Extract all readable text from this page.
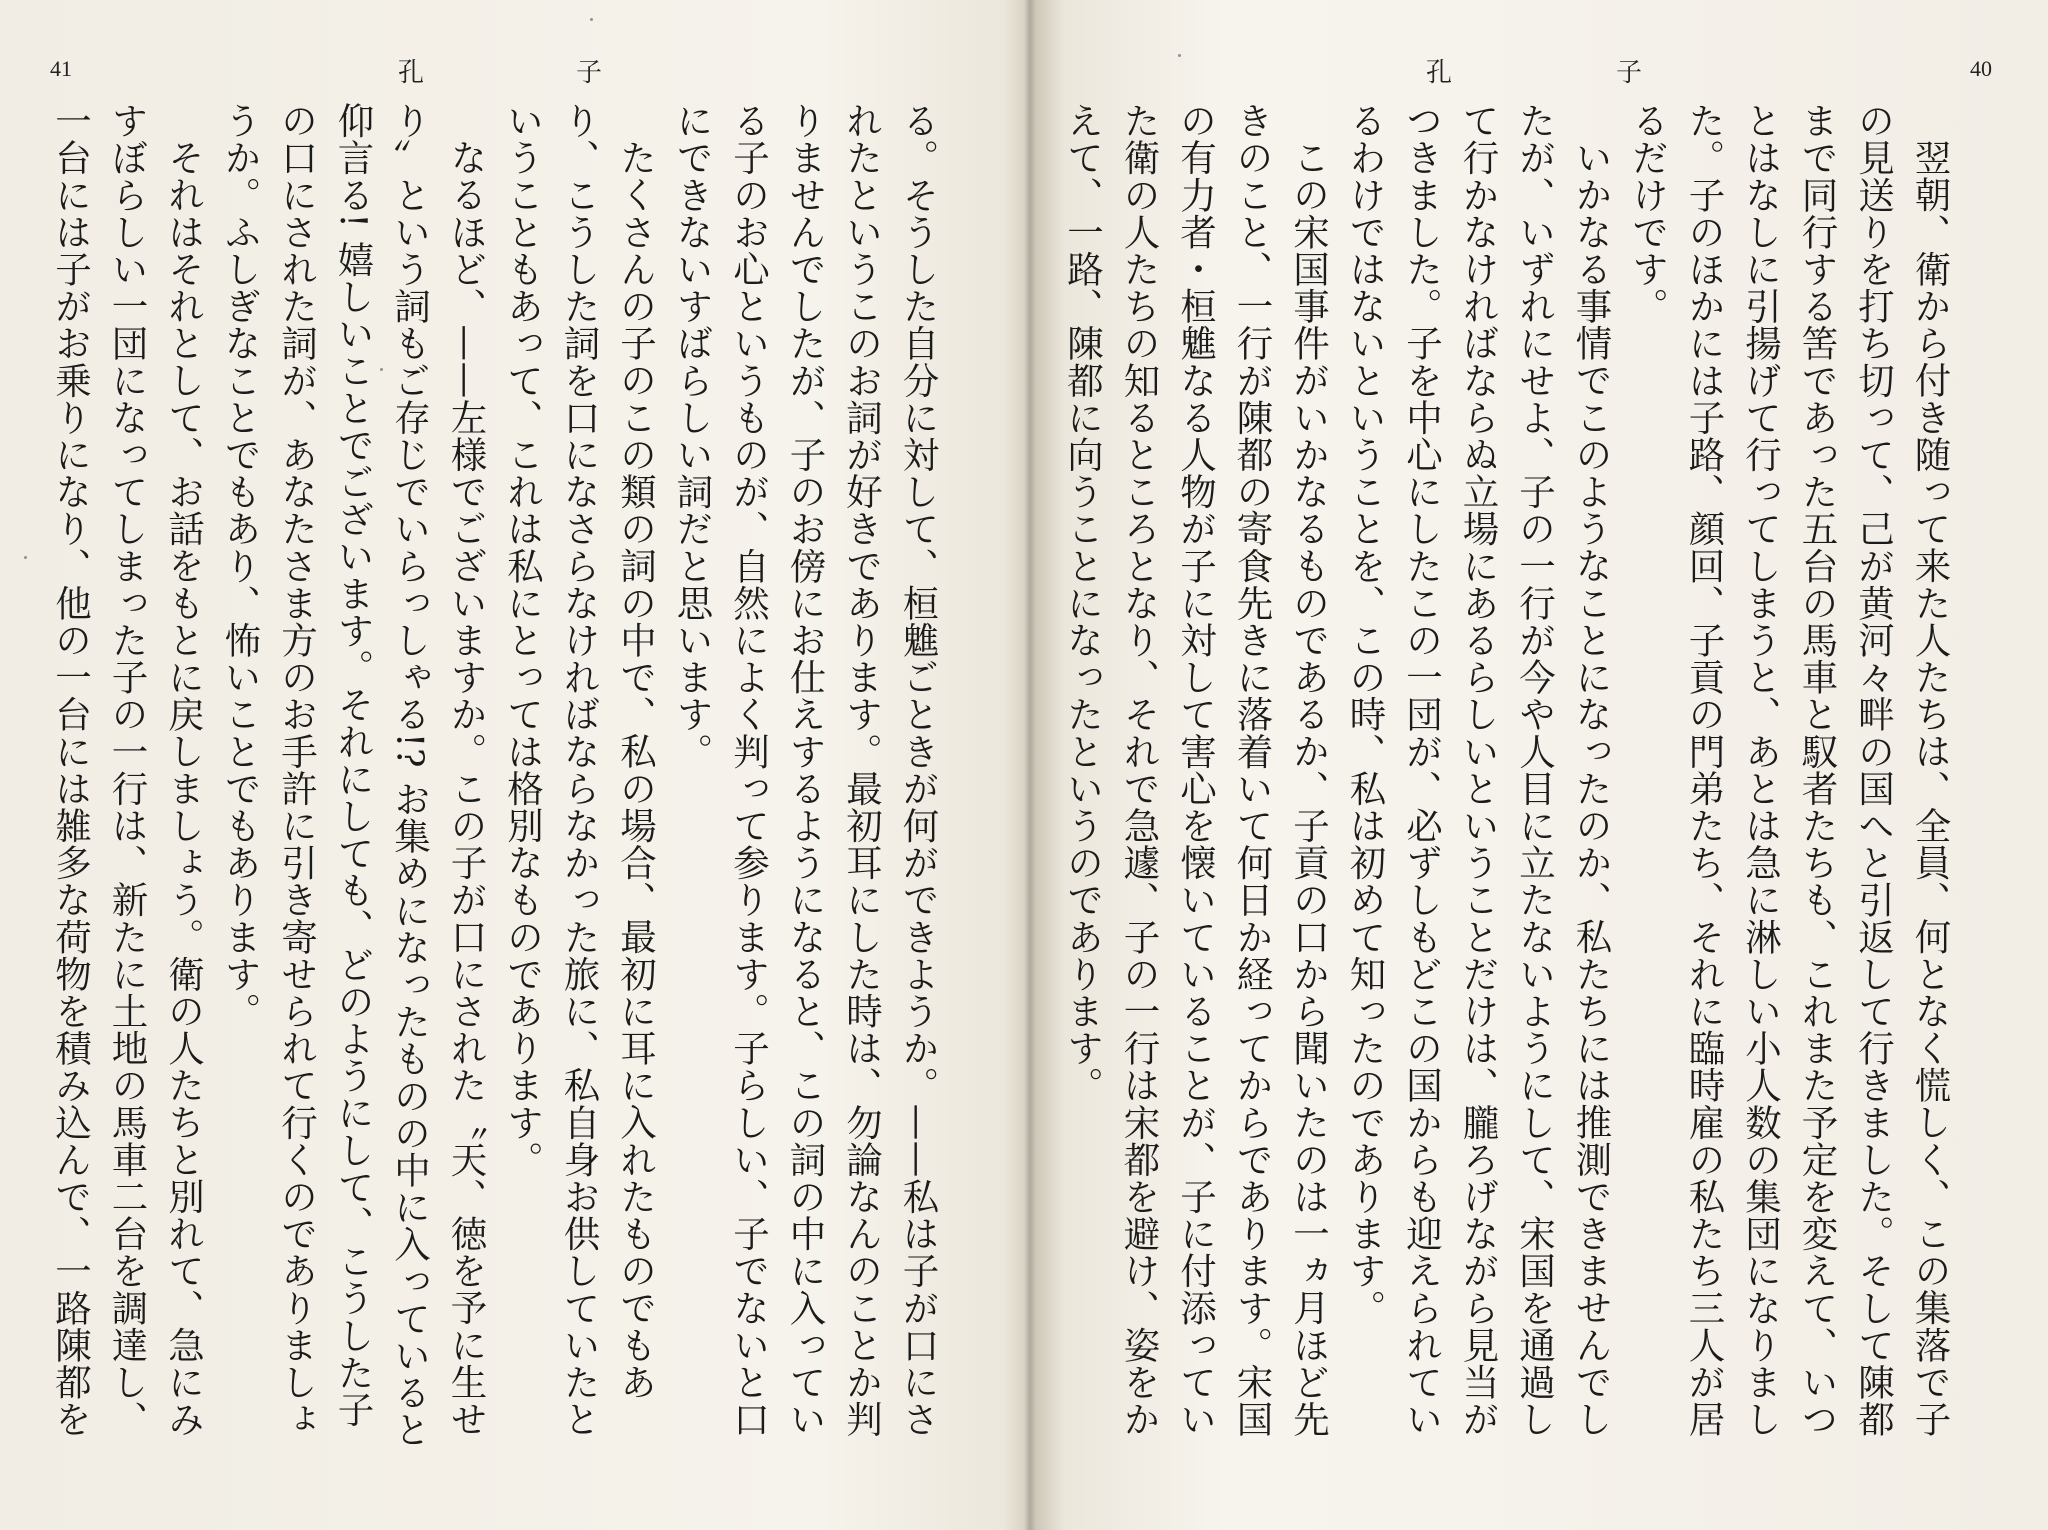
41	孔	子

る。そうした自分に対して、桓魋ごときが何ができようか。——私は子が口にされたというこのお詞が好きであります。最初耳にした時は、勿論なんのことか判りませんでしたが、子のお傍にお仕えするようになると、この詞の中に入っている子のお心というものが、自然によく判って参ります。子らしい、子でないと口にできないすばらしい詞だと思います。

たくさんの子のこの類の詞の中で、私の場合、最初に耳に入れたものでもあり、こうした詞を口になさらなければならなかった旅に、私自身お供していたということもあって、これは私にとっては格別なものであります。

なるほど、——左様でございますか。この子が口にされた〝天、徳を予に生せり〟という詞もご存じでいらっしゃる!? お集めになったものの中に入っていると仰言る! 嬉しいことでございます。それにしても、どのようにして、こうした子の口にされた詞が、あなたさま方のお手許に引き寄せられて行くのでありましょうか。ふしぎなことでもあり、怖いことでもあります。

それはそれとして、お話をもとに戻しましょう。衛の人たちと別れて、急にみすぼらしい一団になってしまった子の一行は、新たに土地の馬車二台を調達し、一台には子がお乗りになり、他の一台には雑多な荷物を積み込んで、一路陳都を

40
孔	子

翌朝、衛から付き随って来た人たちは、全員、何となく慌しく、この集落で子の見送りを打ち切って、己が黄河々畔の国へと引返して行きました。そして陳都まで同行する筈であった五台の馬車と馭者たちも、これまた予定を変えて、いつとはなしに引揚げて行ってしまうと、あとは急に淋しい小人数の集団になりました。子のほかには子路、顔回、子貢の門弟たち、それに臨時雇の私たち三人が居るだけです。

いかなる事情でこのようなことになったのか、私たちには推測できませんでしたが、いずれにせよ、子の一行が今や人目に立たないようにして、宋国を通過して行かなければならぬ立場にあるらしいということだけは、朧ろげながら見当がつきました。子を中心にしたこの一団が、必ずしもどこの国からも迎えられているわけではないということを、この時、私は初めて知ったのであります。

この宋国事件がいかなるものであるか、子貢の口から聞いたのは一ヵ月ほど先きのこと、一行が陳都の寄食先きに落着いて何日か経ってからであります。宋国の有力者・桓魋なる人物が子に対して害心を懐いていることが、子に付添っていた衛の人たちの知るところとなり、それで急遽、子の一行は宋都を避け、姿をかえて、一路、陳都に向うことになったというのであります。
